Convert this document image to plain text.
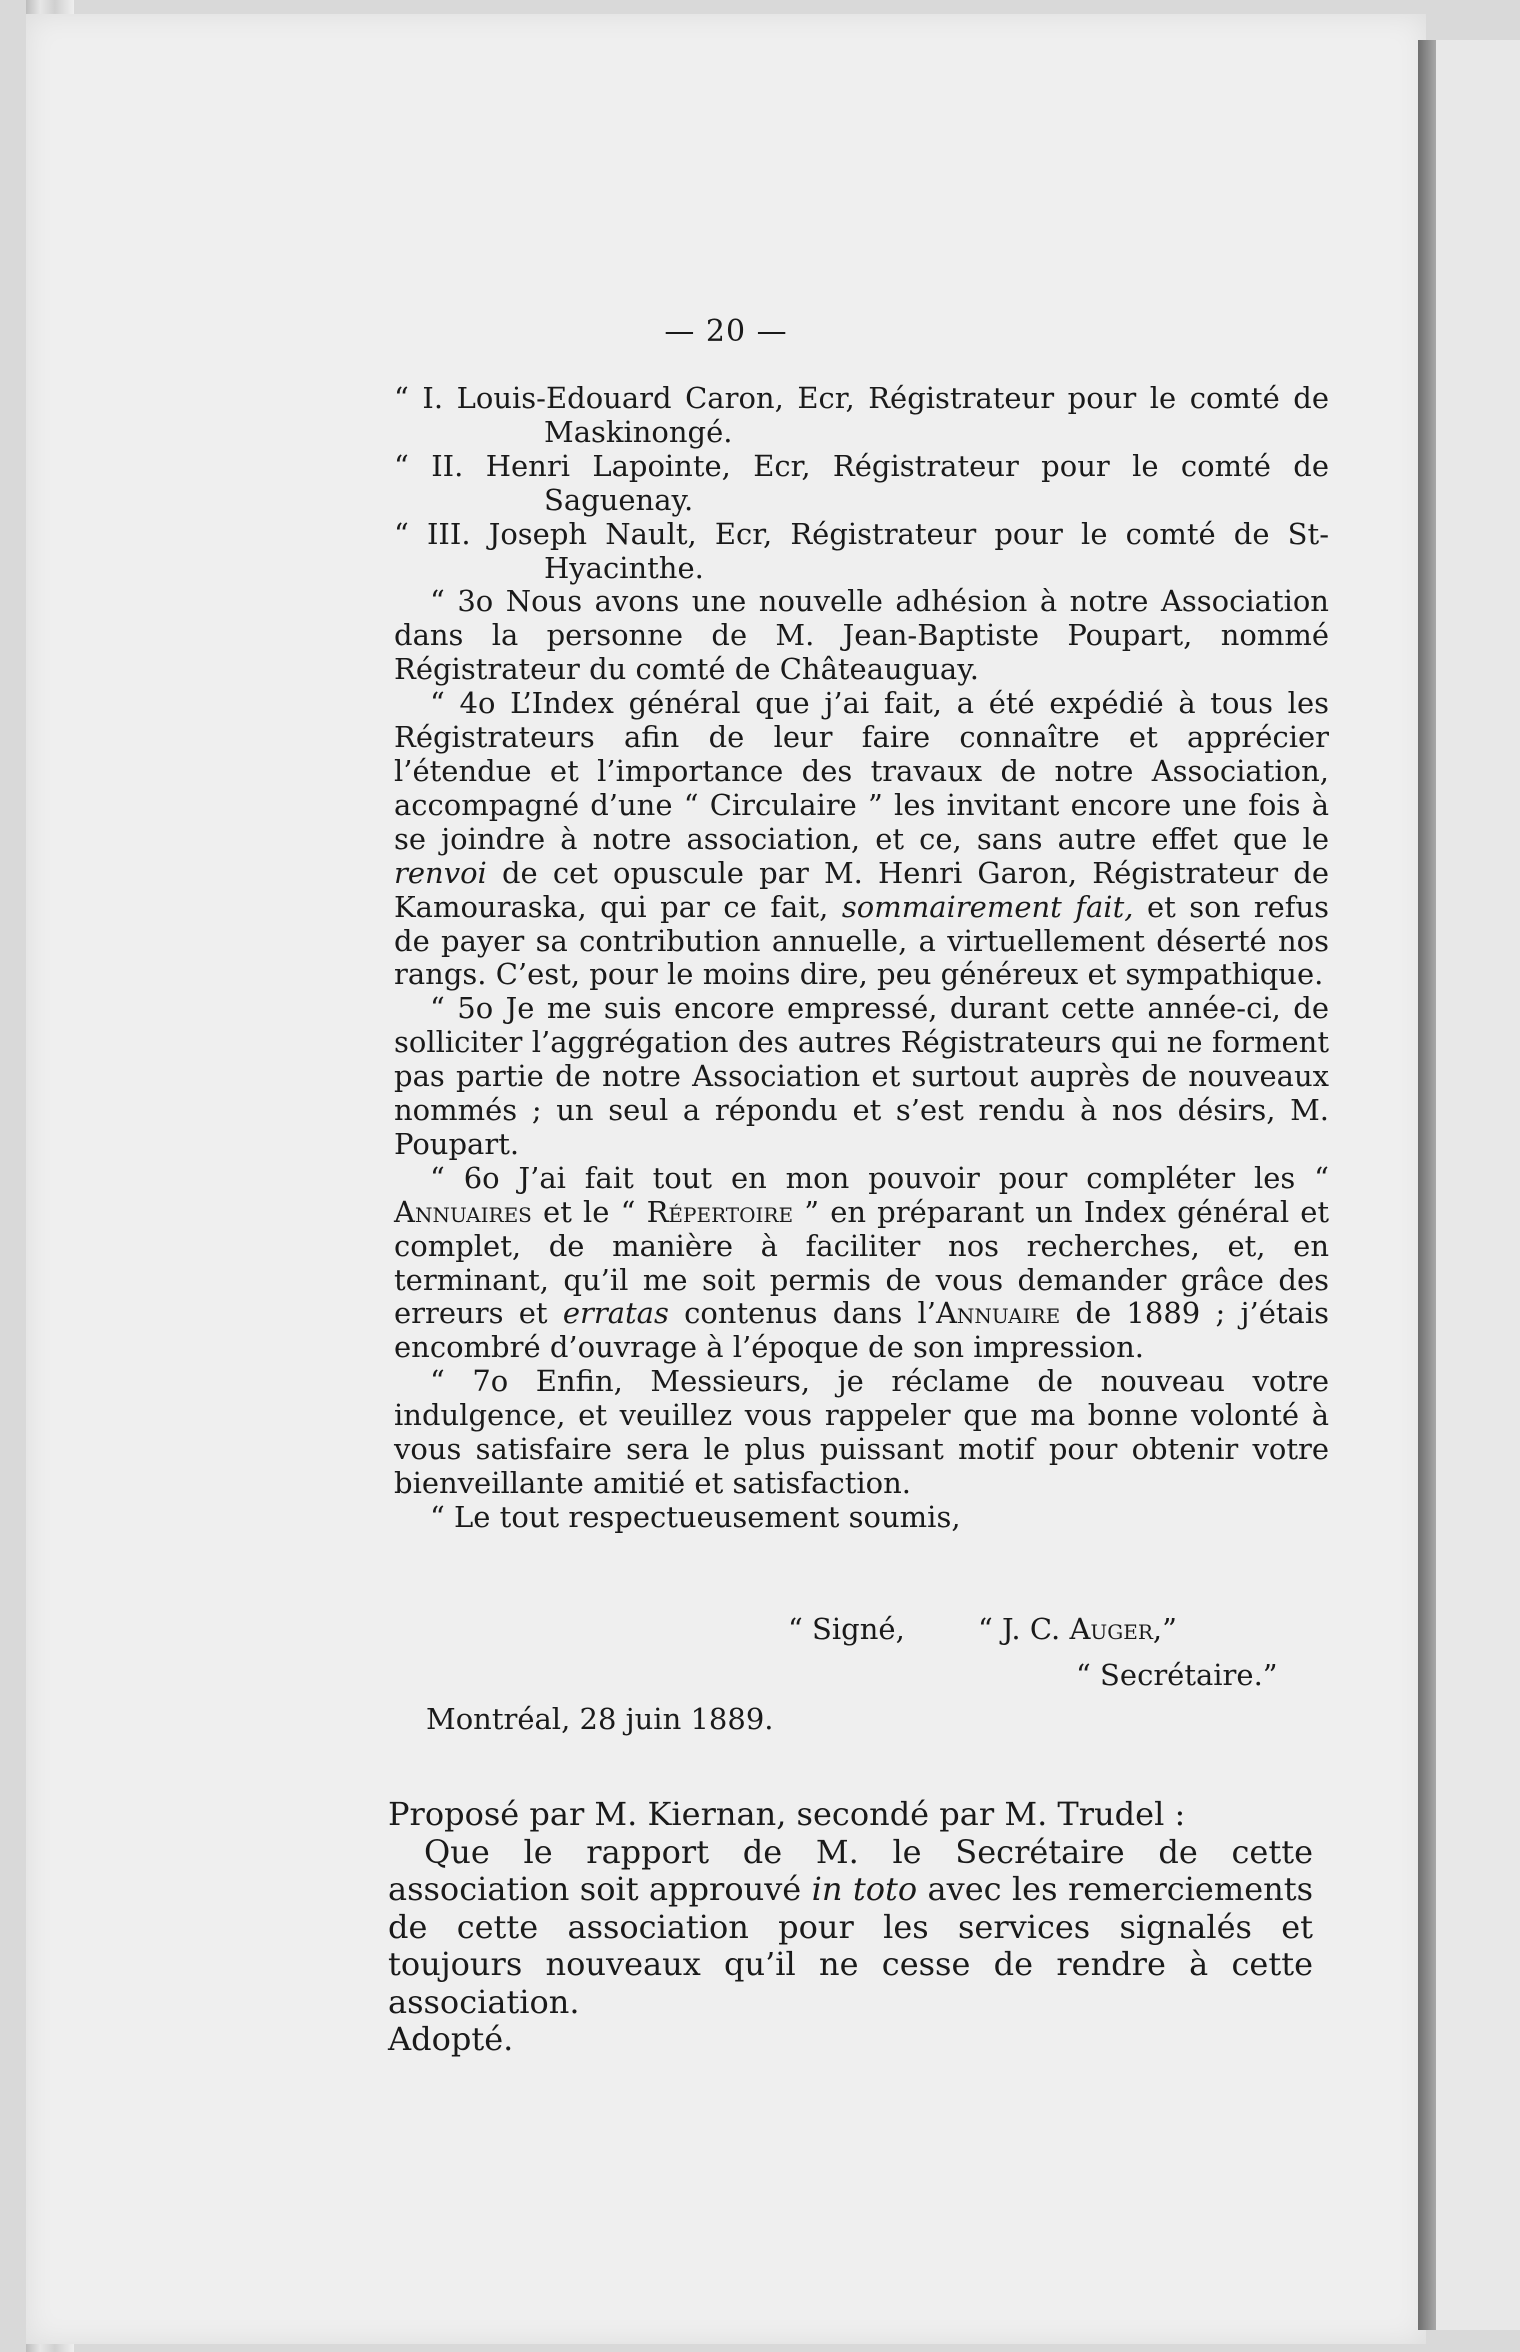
— 20 —

“ I. Louis-Edouard Caron, Ecr, Régistrateur pour le comté de Maskinongé.

“ II. Henri Lapointe, Ecr, Régistrateur pour le comté de Saguenay.

“ III. Joseph Nault, Ecr, Régistrateur pour le comté de St-Hyacinthe.

“ 3o Nous avons une nouvelle adhésion à notre Association dans la personne de M. Jean-Baptiste Poupart, nommé Régistrateur du comté de Châteauguay.

“ 4o L’Index général que j’ai fait, a été expédié à tous les Régistrateurs afin de leur faire connaître et apprécier l’étendue et l’importance des travaux de notre Association, accompagné d’une “ Circulaire ” les invitant encore une fois à se joindre à notre association, et ce, sans autre effet que le renvoi de cet opuscule par M. Henri Garon, Régistrateur de Kamouraska, qui par ce fait, sommairement fait, et son refus de payer sa contribution annuelle, a virtuellement déserté nos rangs. C’est, pour le moins dire, peu généreux et sympathique.

“ 5o Je me suis encore empressé, durant cette année-ci, de solliciter l’aggrégation des autres Régistrateurs qui ne forment pas partie de notre Association et surtout auprès de nouveaux nommés ; un seul a répondu et s’est rendu à nos désirs, M. Poupart.

“ 6o J’ai fait tout en mon pouvoir pour compléter les “ Annuaires et le “ Répertoire ” en préparant un Index général et complet, de manière à faciliter nos recherches, et, en terminant, qu’il me soit permis de vous demander grâce des erreurs et erratas contenus dans l’Annuaire de 1889 ; j’étais encombré d’ouvrage à l’époque de son impression.

“ 7o Enfin, Messieurs, je réclame de nouveau votre indulgence, et veuillez vous rappeler que ma bonne volonté à vous satisfaire sera le plus puissant motif pour obtenir votre bienveillante amitié et satisfaction.

“ Le tout respectueusement soumis,

“ Signé,	“ J. C. Auger,”
“ Secrétaire.”
Montréal, 28 juin 1889.

Proposé par M. Kiernan, secondé par M. Trudel :

Que le rapport de M. le Secrétaire de cette association soit approuvé in toto avec les remerciements de cette association pour les services signalés et toujours nouveaux qu’il ne cesse de rendre à cette association.

Adopté.
